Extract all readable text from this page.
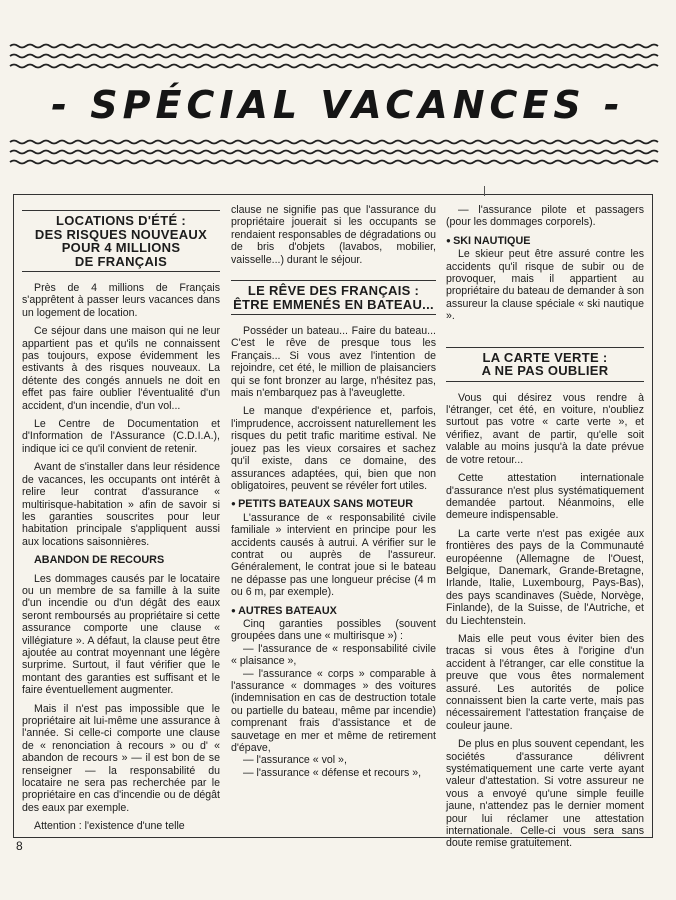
- SPÉCIAL VACANCES -
LOCATIONS D'ÉTÉ :
DES RISQUES NOUVEAUX
POUR 4 MILLIONS
DE FRANÇAIS

Près de 4 millions de Français s'apprêtent à passer leurs vacances dans un logement de location.

Ce séjour dans une maison qui ne leur appartient pas et qu'ils ne connaissent pas toujours, expose évidemment les estivants à des risques nouveaux. La détente des congés annuels ne doit en effet pas faire oublier l'éventualité d'un accident, d'un incendie, d'un vol...

Le Centre de Documentation et d'Information de l'Assurance (C.D.I.A.), indique ici ce qu'il convient de retenir.

Avant de s'installer dans leur résidence de vacances, les occupants ont intérêt à relire leur contrat d'assurance « multirisque-habitation » afin de savoir si les garanties souscrites pour leur habitation principale s'appliquent aussi aux locations saisonnières.

ABANDON DE RECOURS

Les dommages causés par le locataire ou un membre de sa famille à la suite d'un incendie ou d'un dégât des eaux seront remboursés au propriétaire si cette assurance comporte une clause « villégiature ». A défaut, la clause peut être ajoutée au contrat moyennant une légère surprime. Surtout, il faut vérifier que le montant des garanties est suffisant et le faire éventuellement augmenter.

Mais il n'est pas impossible que le propriétaire ait lui-même une assurance à l'année. Si celle-ci comporte une clause de « renonciation à recours » ou d' « abandon de recours » — il est bon de se renseigner — la responsabilité du locataire ne sera pas recherchée par le propriétaire en cas d'incendie ou de dégât des eaux par exemple.

Attention : l'existence d'une telle

clause ne signifie pas que l'assurance du propriétaire jouerait si les occupants se rendaient responsables de dégradations ou de bris d'objets (lavabos, mobilier, vaisselle...) durant le séjour.

LE RÊVE DES FRANÇAIS :
ÊTRE EMMENÉS EN BATEAU...

Posséder un bateau... Faire du bateau... C'est le rêve de presque tous les Français... Si vous avez l'intention de rejoindre, cet été, le million de plaisanciers qui se font bronzer au large, n'hésitez pas, mais n'embarquez pas à l'aveuglette.

Le manque d'expérience et, parfois, l'imprudence, accroissent naturellement les risques du petit trafic maritime estival. Ne jouez pas les vieux corsaires et sachez qu'il existe, dans ce domaine, des assurances adaptées, qui, bien que non obligatoires, peuvent se révéler fort utiles.

● PETITS BATEAUX SANS MOTEUR

L'assurance de « responsabilité civile familiale » intervient en principe pour les accidents causés à autrui. A vérifier sur le contrat ou auprès de l'assureur. Généralement, le contrat joue si le bateau ne dépasse pas une longueur précise (4 m ou 6 m, par exemple).

● AUTRES BATEAUX

Cinq garanties possibles (souvent groupées dans une « multirisque ») :

— l'assurance de « responsabilité civile « plaisance »,

— l'assurance « corps » comparable à l'assurance « dommages » des voitures (indemnisation en cas de destruction totale ou partielle du bateau, même par incendie) comprenant frais d'assistance et de sauvetage en mer et même de retirement d'épave,

— l'assurance « vol »,

— l'assurance « défense et recours »,

— l'assurance pilote et passagers (pour les dommages corporels).

● SKI NAUTIQUE

Le skieur peut être assuré contre les accidents qu'il risque de subir ou de provoquer, mais il appartient au propriétaire du bateau de demander à son assureur la clause spéciale « ski nautique ».

LA CARTE VERTE :
A NE PAS OUBLIER

Vous qui désirez vous rendre à l'étranger, cet été, en voiture, n'oubliez surtout pas votre « carte verte », et vérifiez, avant de partir, qu'elle soit valable au moins jusqu'à la date prévue de votre retour...

Cette attestation internationale d'assurance n'est plus systématiquement demandée partout. Néanmoins, elle demeure indispensable.

La carte verte n'est pas exigée aux frontières des pays de la Communauté européenne (Allemagne de l'Ouest, Belgique, Danemark, Grande-Bretagne, Irlande, Italie, Luxembourg, Pays-Bas), des pays scandinaves (Suède, Norvège, Finlande), de la Suisse, de l'Autriche, et du Liechtenstein.

Mais elle peut vous éviter bien des tracas si vous êtes à l'origine d'un accident à l'étranger, car elle constitue la preuve que vous êtes normalement assuré. Les autorités de police connaissent bien la carte verte, mais pas nécessairement l'attestation française de couleur jaune.

De plus en plus souvent cependant, les sociétés d'assurance délivrent systématiquement une carte verte ayant valeur d'attestation. Si votre assureur ne vous a envoyé qu'une simple feuille jaune, n'attendez pas le dernier moment pour lui réclamer une attestation internationale. Celle-ci vous sera sans doute remise gratuitement.

8
